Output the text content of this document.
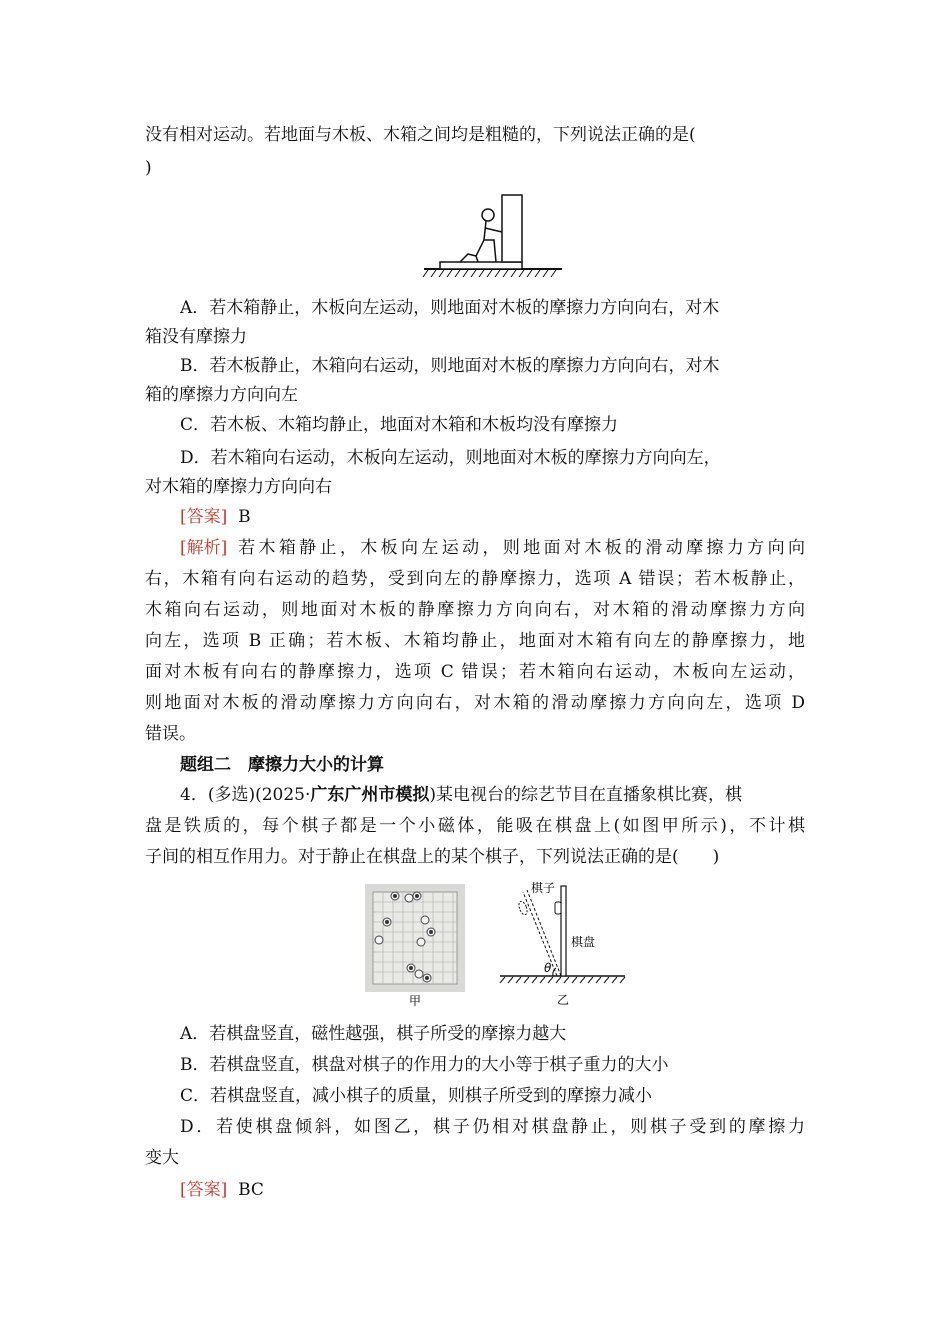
没有相对运动。若地面与木板、木箱之间均是粗糙的，下列说法正确的是(
)
A．若木箱静止，木板向左运动，则地面对木板的摩擦力方向向右，对木
箱没有摩擦力
B．若木板静止，木箱向右运动，则地面对木板的摩擦力方向向右，对木
箱的摩擦力方向向左
C．若木板、木箱均静止，地面对木箱和木板均没有摩擦力
D．若木箱向右运动，木板向左运动，则地面对木板的摩擦力方向向左，
对木箱的摩擦力方向向右
[答案] B
[解析] 若木箱静止，木板向左运动，则地面对木板的滑动摩擦力方向向
右，木箱有向右运动的趋势，受到向左的静摩擦力，选项 A 错误；若木板静止，
木箱向右运动，则地面对木板的静摩擦力方向向右，对木箱的滑动摩擦力方向
向左，选项 B 正确；若木板、木箱均静止，地面对木箱有向左的静摩擦力，地
面对木板有向右的静摩擦力，选项 C 错误；若木箱向右运动，木板向左运动，
则地面对木板的滑动摩擦力方向向右，对木箱的滑动摩擦力方向向左，选项 D
错误。
题组二　摩擦力大小的计算
4．(多选)(2025·广东广州市模拟)某电视台的综艺节目在直播象棋比赛，棋
盘是铁质的，每个棋子都是一个小磁体，能吸在棋盘上(如图甲所示)，不计棋
子间的相互作用力。对于静止在棋盘上的某个棋子，下列说法正确的是(　　)
甲
θ
棋子
棋盘
乙
A．若棋盘竖直，磁性越强，棋子所受的摩擦力越大
B．若棋盘竖直，棋盘对棋子的作用力的大小等于棋子重力的大小
C．若棋盘竖直，减小棋子的质量，则棋子所受到的摩擦力减小
D．若使棋盘倾斜，如图乙，棋子仍相对棋盘静止，则棋子受到的摩擦力
变大
[答案] BC
